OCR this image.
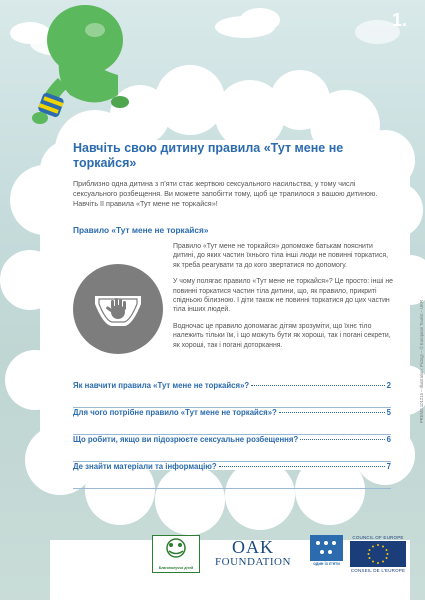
1.
Навчіть свою дитину правила «Тут мене не торкайся»

Приблизно одна дитина з п’яти стає жертвою сексуального насильства, у тому числі сексуального розбещення. Ви можете запобігти тому, щоб це трапилося з вашою дитиною. Навчіть її правила «Тут мене не торкайся»!

Правило «Тут мене не торкайся»

Правило «Тут мене не торкайся» допоможе батькам пояснити дитині, до яких частин їхнього тіла інші люди не повинні торкатися, як треба реагувати та до кого звертатися по допомогу.

У чому полягає правило «Тут мене не торкайся»? Це просто: інші не повинні торкатися частин тіла дитини, що, як правило, прикриті спідньою білизною. І діти також не повинні торкатися до цих частин тіла інших людей.

Водночас це правило допомагає дітям зрозуміти, що їхнє тіло належить тільки їм, і що можуть бути як хороші, так і погані секрети, як хороші, так і погані доторкання.

Як навчити правила «Тут мене не торкайся»?	2
Для чого потрібне правило «Тут мене не торкайся»?	5
Що робити, якщо ви підозрюєте сексуальне розбещення?	6
Де знайти матеріали та інформацію?	7
PREMS 101215 – Illustration: Pictogr – © European Tourist – UKR
Благополуччя дітей
OAK
FOUNDATION	один із п’яти
COUNCIL OF EUROPE
CONSEIL DE L’EUROPE
